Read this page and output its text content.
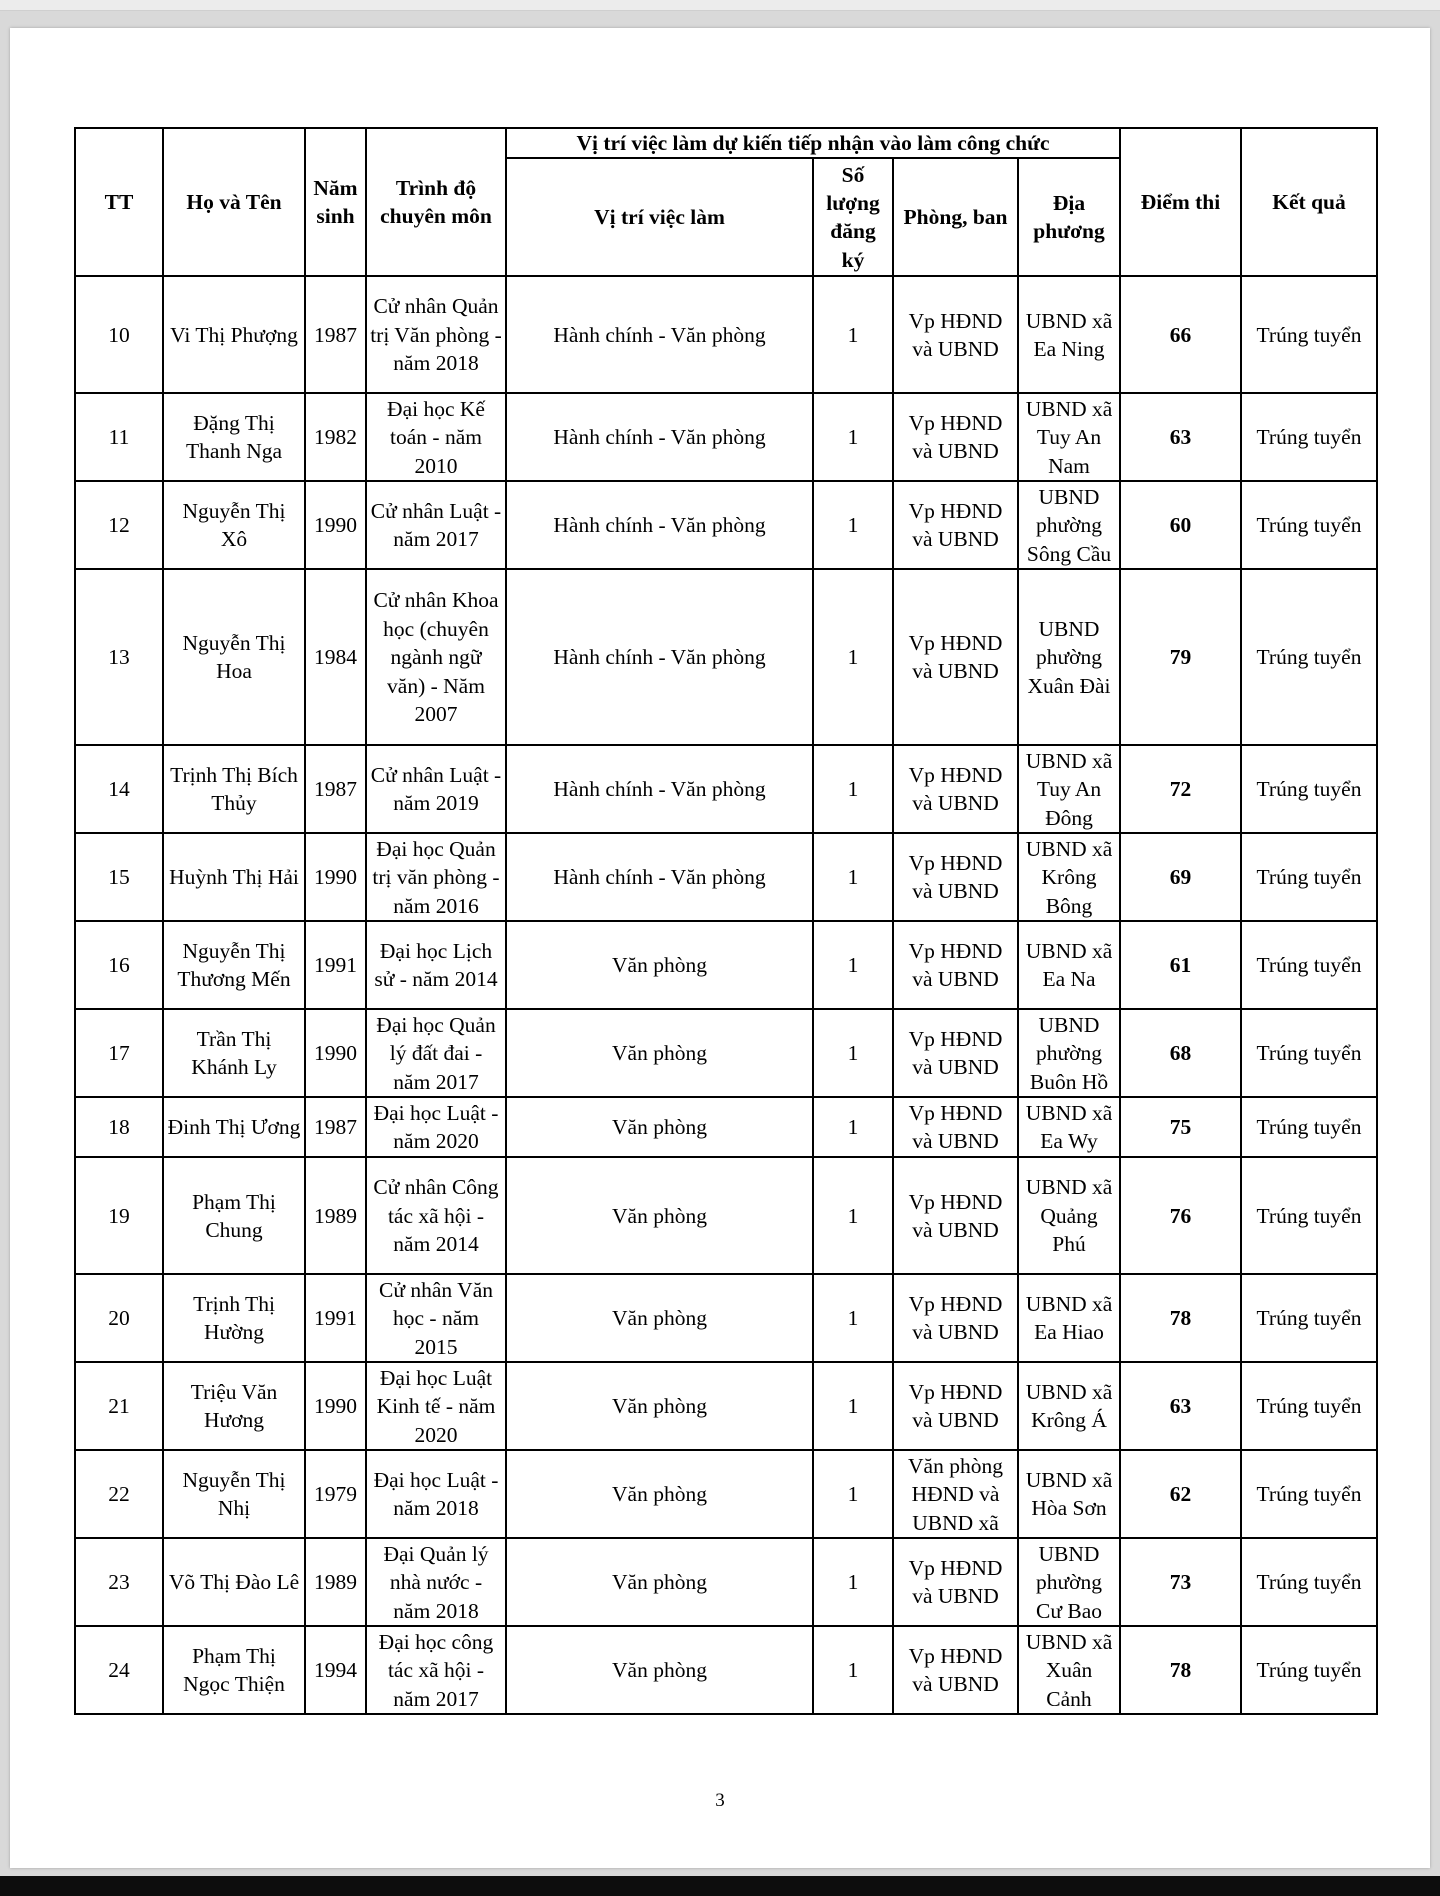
TT	Họ và Tên	Năm sinh	Trình độ chuyên môn	Vị trí việc làm dự kiến tiếp nhận vào làm công chức				Điểm thi	Kết quả
				Vị trí việc làm	Số lượng đăng ký	Phòng, ban	Địa phương		
10	Vi Thị Phượng	1987	Cử nhân Quản trị Văn phòng - năm 2018	Hành chính - Văn phòng	1	Vp HĐND và UBND	UBND xã Ea Ning	66	Trúng tuyển
11	Đặng Thị Thanh Nga	1982	Đại học Kế toán - năm 2010	Hành chính - Văn phòng	1	Vp HĐND và UBND	UBND xã Tuy An Nam	63	Trúng tuyển
12	Nguyễn Thị Xô	1990	Cử nhân Luật - năm 2017	Hành chính - Văn phòng	1	Vp HĐND và UBND	UBND phường Sông Cầu	60	Trúng tuyển
13	Nguyễn Thị Hoa	1984	Cử nhân Khoa học (chuyên ngành ngữ văn) - Năm 2007	Hành chính - Văn phòng	1	Vp HĐND và UBND	UBND phường Xuân Đài	79	Trúng tuyển
14	Trịnh Thị Bích Thủy	1987	Cử nhân Luật - năm 2019	Hành chính - Văn phòng	1	Vp HĐND và UBND	UBND xã Tuy An Đông	72	Trúng tuyển
15	Huỳnh Thị Hải	1990	Đại học Quản trị văn phòng - năm 2016	Hành chính - Văn phòng	1	Vp HĐND và UBND	UBND xã Krông Bông	69	Trúng tuyển
16	Nguyễn Thị Thương Mến	1991	Đại học Lịch sử - năm 2014	Văn phòng	1	Vp HĐND và UBND	UBND xã Ea Na	61	Trúng tuyển
17	Trần Thị Khánh Ly	1990	Đại học Quản lý đất đai - năm 2017	Văn phòng	1	Vp HĐND và UBND	UBND phường Buôn Hồ	68	Trúng tuyển
18	Đinh Thị Ương	1987	Đại học Luật - năm 2020	Văn phòng	1	Vp HĐND và UBND	UBND xã Ea Wy	75	Trúng tuyển
19	Phạm Thị Chung	1989	Cử nhân Công tác xã hội - năm 2014	Văn phòng	1	Vp HĐND và UBND	UBND xã Quảng Phú	76	Trúng tuyển
20	Trịnh Thị Hường	1991	Cử nhân Văn học - năm 2015	Văn phòng	1	Vp HĐND và UBND	UBND xã Ea Hiao	78	Trúng tuyển
21	Triệu Văn Hương	1990	Đại học Luật Kinh tế - năm 2020	Văn phòng	1	Vp HĐND và UBND	UBND xã Krông Á	63	Trúng tuyển
22	Nguyễn Thị Nhị	1979	Đại học Luật - năm 2018	Văn phòng	1	Văn phòng HĐND và UBND xã	UBND xã Hòa Sơn	62	Trúng tuyển
23	Võ Thị Đào Lê	1989	Đại Quản lý nhà nước - năm 2018	Văn phòng	1	Vp HĐND và UBND	UBND phường Cư Bao	73	Trúng tuyển
24	Phạm Thị Ngọc Thiện	1994	Đại học công tác xã hội - năm 2017	Văn phòng	1	Vp HĐND và UBND	UBND xã Xuân Cảnh	78	Trúng tuyển
3
